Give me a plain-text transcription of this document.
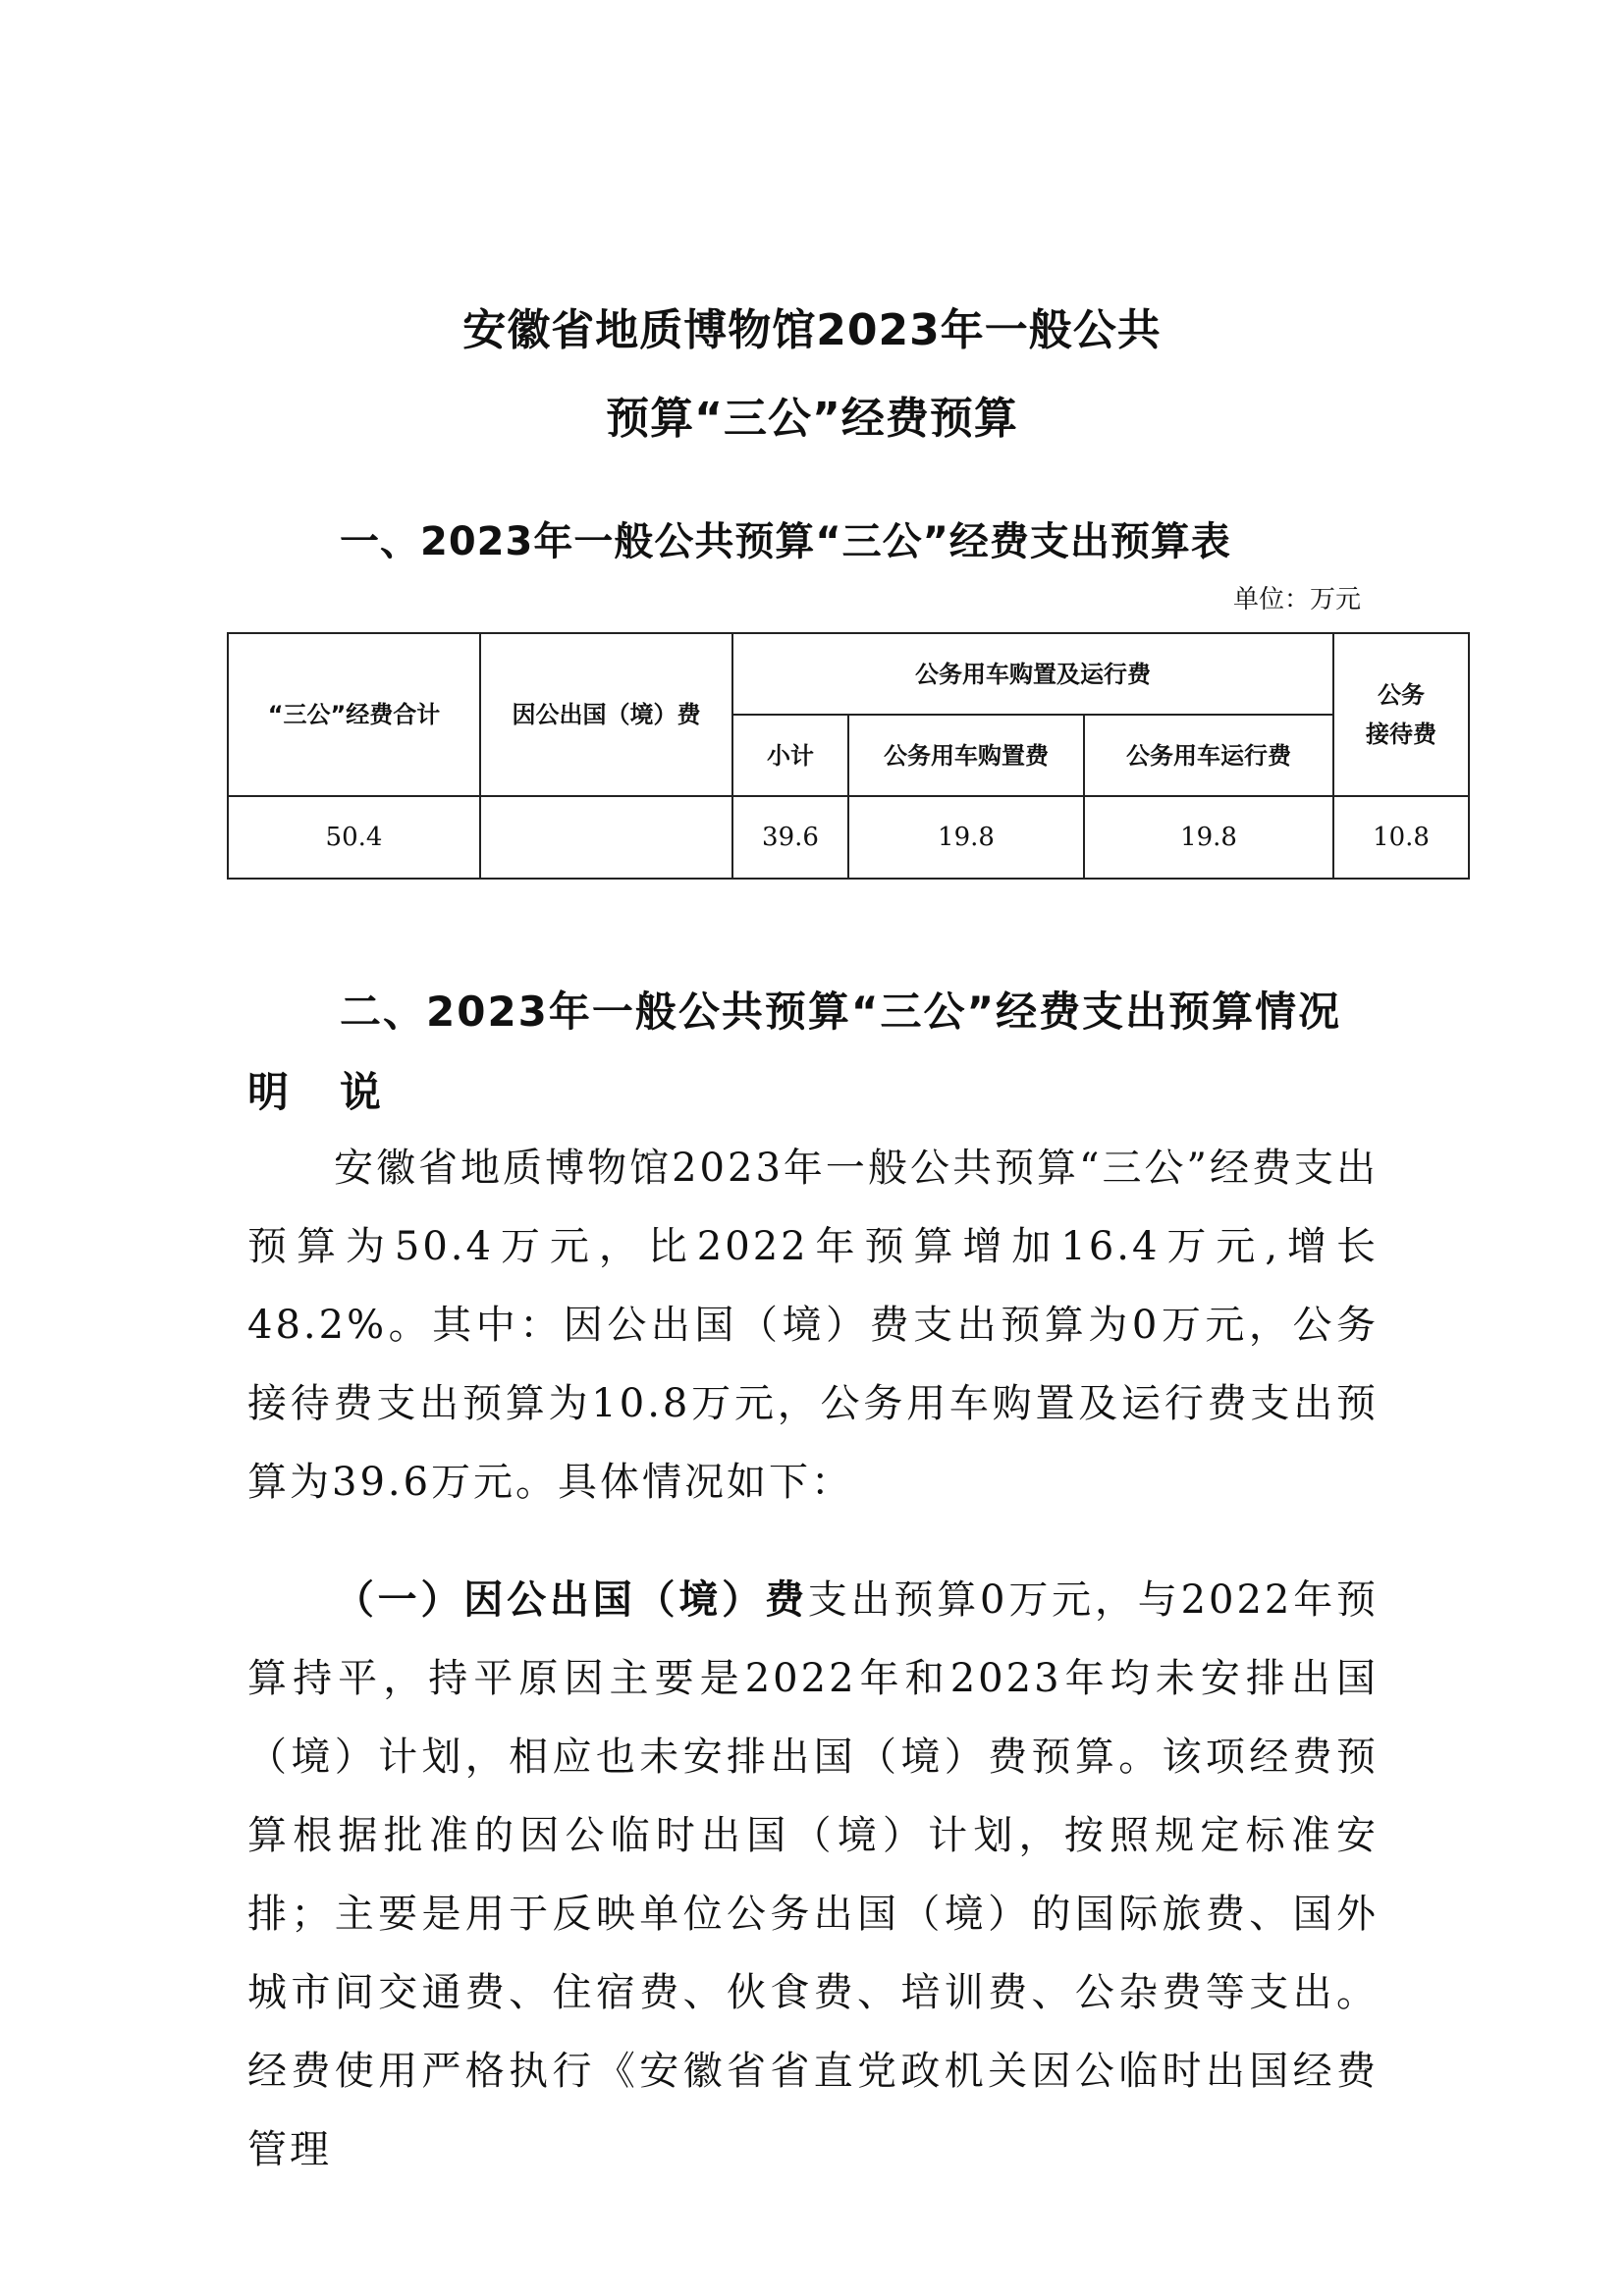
安徽省地质博物馆2023年一般公共
预算“三公”经费预算
一、2023年一般公共预算“三公”经费支出预算表
单位：万元
“三公”经费合计	因公出国（境）费	公务用车购置及运行费			公务
接待费

		小计	公务用车购置费	公务用车运行费	
50.4		39.6	19.8	19.8	10.8
二、2023年一般公共预算“三公”经费支出预算情况说
明
安徽省地质博物馆2023年一般公共预算“三公”经费支出预算为50.4万元，比2022年预算增加16.4万元,增长48.2%。其中：因公出国（境）费支出预算为0万元，公务接待费支出预算为10.8万元，公务用车购置及运行费支出预算为39.6万元。具体情况如下：
（一）因公出国（境）费支出预算0万元，与2022年预算持平，持平原因主要是2022年和2023年均未安排出国（境）计划，相应也未安排出国（境）费预算。该项经费预算根据批准的因公临时出国（境）计划，按照规定标准安排；主要是用于反映单位公务出国（境）的国际旅费、国外城市间交通费、住宿费、伙食费、培训费、公杂费等支出。经费使用严格执行《安徽省省直党政机关因公临时出国经费管理
